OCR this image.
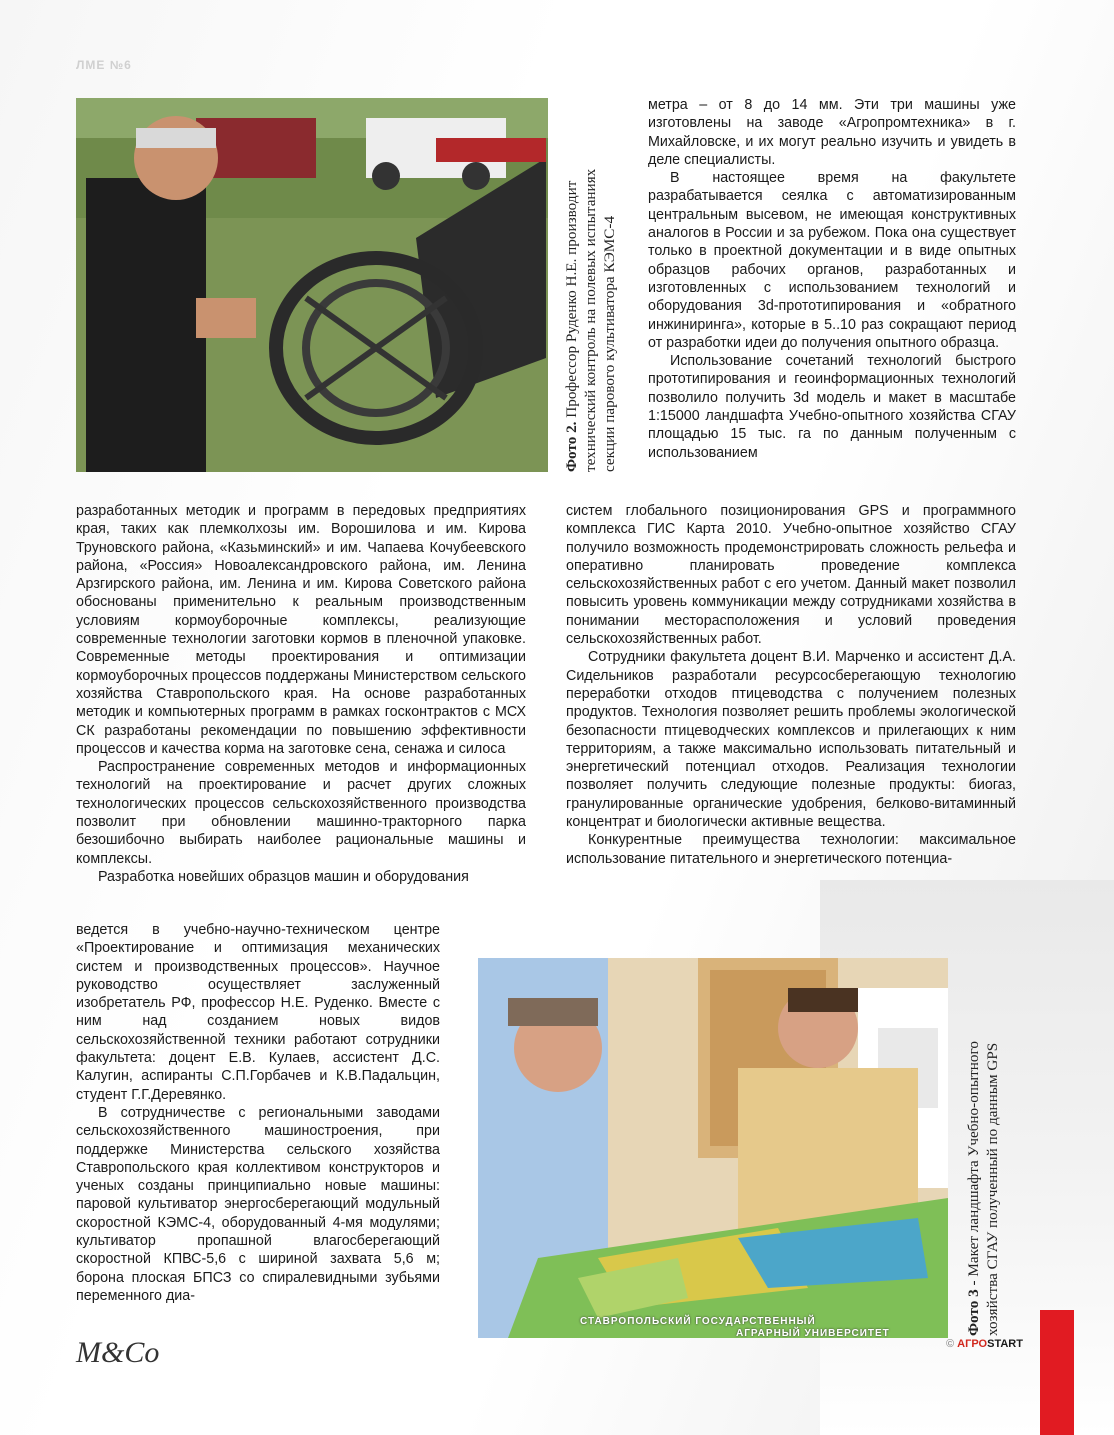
ЛМЕ №6
Фото 2. Профессор Руденко Н.Е. производит технический контроль на полевых испытаниях секции парового культиватора КЭМС-4

метра – от 8 до 14 мм. Эти три машины уже изготовлены на заводе «Агропромтехника» в г. Михайловске, и их могут реально изучить и увидеть в деле специалисты.

В настоящее время на факультете разрабатывается сеялка с автоматизированным центральным высевом, не имеющая конструктивных аналогов в России и за рубежом. Пока она существует только в проектной документации и в виде опытных образцов рабочих органов, разработанных и изготовленных с использованием технологий и оборудования 3d-прототипирования и «обратного инжиниринга», которые в 5..10 раз сокращают период от разработки идеи до получения опытного образца.

Использование сочетаний технологий быстрого прототипирования и геоинформационных технологий позволило получить 3d модель и макет в масштабе 1:15000 ландшафта Учебно-опытного хозяйства СГАУ площадью 15 тыс. га по данным полученным с использованием

систем глобального позиционирования GPS и программного комплекса ГИС Карта 2010. Учебно-опытное хозяйство СГАУ получило возможность продемонстрировать сложность рельефа и оперативно планировать проведение комплекса сельскохозяйственных работ с его учетом. Данный макет позволил повысить уровень коммуникации между сотрудниками хозяйства в понимании месторасположения и условий проведения сельскохозяйственных работ.

Сотрудники факультета доцент В.И. Марченко и ассистент Д.А. Сидельников разработали ресурсосберегающую технологию переработки отходов птицеводства с получением полезных продуктов. Технология позволяет решить проблемы экологической безопасности птицеводческих комплексов и прилегающих к ним территориям, а также максимально использовать питательный и энергетический потенциал отходов. Реализация технологии позволяет получить следующие полезные продукты: биогаз, гранулированные органические удобрения, белково-витаминный концентрат и биологически активные вещества.

Конкурентные преимущества технологии: максимальное использование питательного и энергетического потенциа-

разработанных методик и программ в передовых предприятиях края, таких как племколхозы им. Ворошилова и им. Кирова Труновского района, «Казьминский» и им. Чапаева Кочубеевского района, «Россия» Новоалександровского района, им. Ленина Арзгирского района, им. Ленина и им. Кирова Советского района обоснованы применительно к реальным производственным условиям кормоуборочные комплексы, реализующие современные технологии заготовки кормов в пленочной упаковке. Современные методы проектирования и оптимизации кормоуборочных процессов поддержаны Министерством сельского хозяйства Ставропольского края. На основе разработанных методик и компьютерных программ в рамках госконтрактов с МСХ СК разработаны рекомендации по повышению эффективности процессов и качества корма на заготовке сена, сенажа и силоса

Распространение современных методов и информационных технологий на проектирование и расчет других сложных технологических процессов сельскохозяйственного производства позволит при обновлении машинно-тракторного парка безошибочно выбирать наиболее рациональные машины и комплексы.

Разработка новейших образцов машин и оборудования

ведется в учебно-научно-техническом центре «Проектирование и оптимизация механических систем и производственных процессов». Научное руководство осуществляет заслуженный изобретатель РФ, профессор Н.Е. Руденко. Вместе с ним над созданием новых видов сельскохозяйственной техники работают сотрудники факультета: доцент Е.В. Кулаев, ассистент Д.С. Калугин, аспиранты С.П.Горбачев и К.В.Падальцин, студент Г.Г.Деревянко.

В сотрудничестве с региональными заводами сельскохозяйственного машиностроения, при поддержке Министерства сельского хозяйства Ставропольского края коллективом конструкторов и ученых созданы принципиально новые машины: паровой культиватор энергосберегающий модульный скоростной КЭМС-4, оборудованный 4-мя модулями; культиватор пропашной влагосберегающий скоростной КПВС-5,6 с шириной захвата 5,6 м; борона плоская БПСЗ со спиралевидными зубьями переменного диа-

СТАВРОПОЛЬСКИЙ ГОСУДАРСТВЕННЫЙ
АГРАРНЫЙ УНИВЕРСИТЕТ	Фото 3 - Макет ландшафта Учебно-опытного хозяйства СГАУ полученный по данным GPS
M&Co	© АГРОSTART
